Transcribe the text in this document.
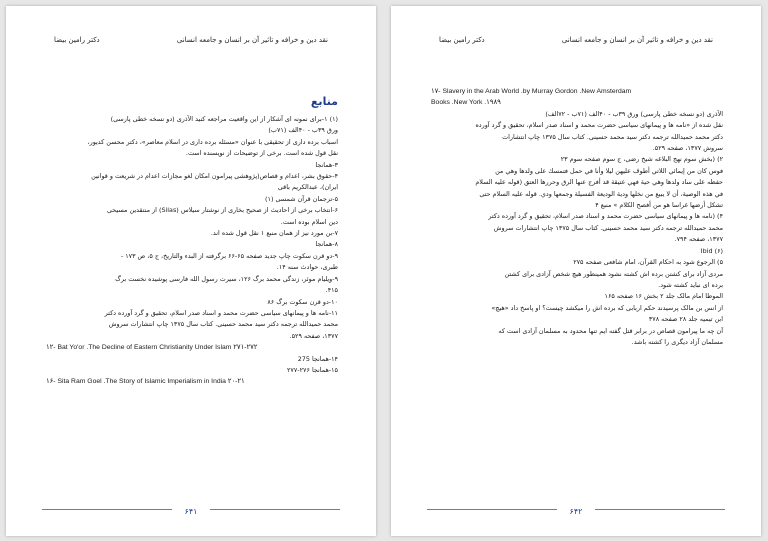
نقد دين و خرافه و تاثير آن بر انسان و جامعه انسانی
دکتر رامين بيضا
منابع

(۱) ۱-برای نمونه ای آشکار از این واقعیت مراجعه کنید الآذری (دو نسخه خطی پارسی)

ورق ۳۹ب - ۴۰الف (۷۱ب)

اسباب برده داری از تحقیقی با عنوان «مسئله برده داری در اسلام معاصر»، دکتر محسن کديور،

نقل قول شده است. برخی از توضيحات از نویسنده است.

۳-همانجا

۴-حقوق بشر، اعدام و قصاص(پژوهشی پیرامون امکان لغو مجازات اعدام در شریعت و قوانین

ایران)، عبدالکریم باقی

۵-ترجمان قرآن شمسی (۱)

۶-انتخاب برخی از احادیث از صحیح بخاری از نوشتار سیلاس (Silas) از منتقدین مسیحی

دین اسلام بوده است.

۷-بن مورد نیز از همان منبع ۱ نقل قول شده اند.

۸-همانجا

۹-دو قرن سکوت چاپ جدید صفحه ۶۵-۶۶ برگرفته از البدء والتاريخ، ج ۵، ص ۱۷۳ -

طبری، حوادث سنه ۱۴.

۹-ویلیام موئر، زندگی محمد برگ ۱۲۶، سیرت رسول الله فارسی پوشیده نخست برگ

۴۱۵.

۱۰-دو قرن سکوت برگ ۸۶

۱۱-نامه ها و پیمانهای سیاسی حضرت محمد و اسناد صدر اسلام، تحقیق و گرد آورده دکتر

محمد حمیدالله ترجمه دکتر سید محمد حسینی. کتاب سال ۱۳۷۵ چاپ انتشارات سروش

۱۳۷۷، صفحه ۵۲۹.

۱۲- Bat Yo'or .The Decline of Eastern Christianity Under Islam ۲۷۱-۲۷۲

۱۴-همانجا 275

۱۵-همانجا ۲۷۶-۲۷۷

۱۶- Sita Ram Goel .The Story of Islamic Imperialism in India ۲۰-۲۱

۶۴۱
نقد دين و خرافه و تاثير آن بر انسان و جامعه انسانی
دکتر رامين بيضا

۱۷- Slavery in the Arab World .by Murray Gordon .New Amsterdam

Books .New York .۱۹۸۹

الآذری (دو نسخه خطی پارسی) ورق ۳۹ب - ۴۰الف (۷۱ب - ۷۲الف)

نقل شده از «نامه ها و پیمانهای سیاسی حضرت محمد و اسناد صدر اسلام، تحقیق و گرد آورده

دکتر محمد حمیدالله ترجمه دکتر سید محمد حسینی. کتاب سال ۱۳۷۵ چاپ انتشارات

سروش ۱۳۷۷، صفحه ۵۲۹.

۲) (بخش سوم نهج البلاغه شیخ رضی، ج سوم صفحه سوم ۲۳

فوس کان من إيمائي اللاتي أطوف عليهن ليلا وأنا في حمل فتمسك على ولدها وهي من

حفظه على ساد ولدها وهي حية فهي عتيقة قد أفرج عنها الرق وحررها العتق (قوله عليه السلام

في هذه الوصية، أن لا يبيع من نخلها ودية الوديعة الفسيلة وجمعها ودي. قوله عليه السلام حتى

تشكل أرضها غراسا هو من أفصح الكلام » منبع ۴

۴) (نامه ها و پیمانهای سیاسی حضرت محمد و اسناد صدر اسلام، تحقیق و گرد آورده دکتر

محمد حمیدالله ترجمه دکتر سید محمد حسینی. کتاب سال ۱۳۷۵ چاپ انتشارات سروش

۱۳۷۷، صفحه ۷۹۴.

(۶) Ibid

۵) الرجوع شود به احکام القرآن، امام شافعی صفحه ۲۷۵

مردی آزاد برای کشتن برده اش کشته نشود همینطور هیچ شخص آزادی برای کشتن

برده ای نباید کشته شود.

الموطا امام مالک جلد ۲ بخش ۱۶ صفحه ۱۶۵

از انس بن مالک پرسیدند حکم اربابی که برده اش را میکشد چیست؟ او پاسخ داد «هیچ»

ابن تیمیه جلد ۲۸ صفحه ۳۷۸

آن چه ما پیرامون قصاص در برابر قتل گفته ایم تنها محدود به مسلمان آزادی است که

مسلمان آزاد دیگری را کشته باشد.

۶۴۲
